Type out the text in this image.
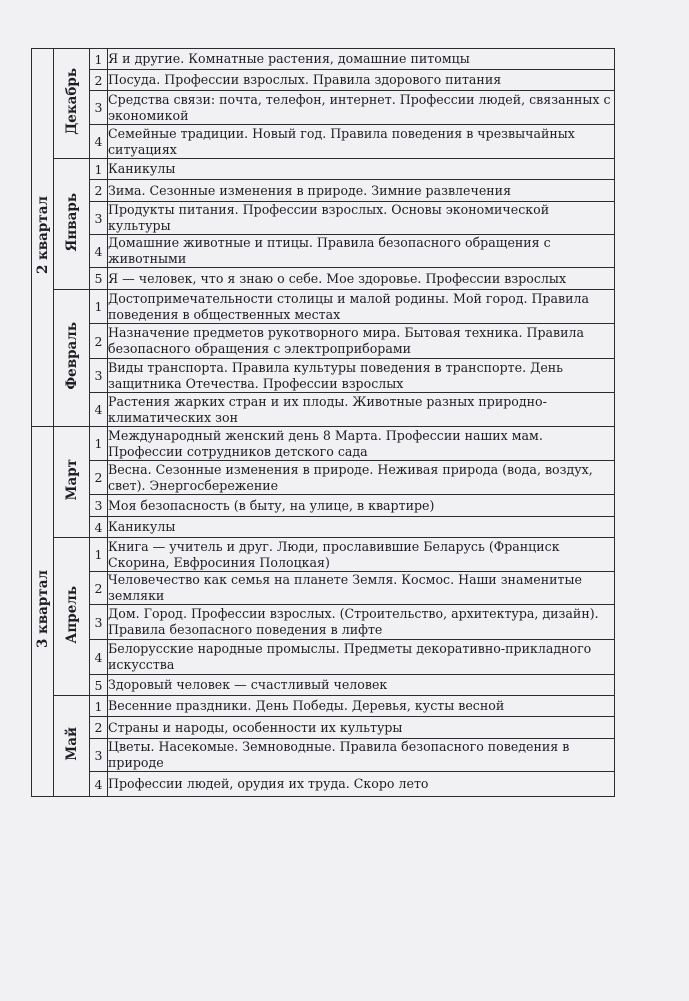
2 квартал	Декабрь	1	Я и другие. Комнатные растения, домашние питомцы
		2	Посуда. Профессии взрослых. Правила здорового питания
		3	Средства связи: почта, телефон, интернет. Профессии людей, связанных с экономикой
		4	Семейные традиции. Новый год. Правила поведения в чрезвычайных ситуациях
	Январь	1	Каникулы
		2	Зима. Сезонные изменения в природе. Зимние развлечения
		3	Продукты питания. Профессии взрослых. Основы экономической культуры
		4	Домашние животные и птицы. Правила безопасного обращения с животными
		5	Я — человек, что я знаю о себе. Мое здоровье. Профессии взрослых
	Февраль	1	Достопримечательности столицы и малой родины. Мой город. Правила поведения в общественных местах
		2	Назначение предметов рукотворного мира. Бытовая техника. Правила безопасного обращения с электроприборами
		3	Виды транспорта. Правила культуры поведения в транспорте. День защитника Отечества. Профессии взрослых
		4	Растения жарких стран и их плоды. Животные разных природно-климатических зон
3 квартал	Март	1	Международный женский день 8 Марта. Профессии наших мам. Профессии сотрудников детского сада
		2	Весна. Сезонные изменения в природе. Неживая природа (вода, воздух, свет). Энергосбережение
		3	Моя безопасность (в быту, на улице, в квартире)
		4	Каникулы
	Апрель	1	Книга — учитель и друг. Люди, прославившие Беларусь (Франциск Скорина, Евфросиния Полоцкая)
		2	Человечество как семья на планете Земля. Космос. Наши знаменитые земляки
		3	Дом. Город. Профессии взрослых. (Строительство, архитектура, дизайн). Правила безопасного поведения в лифте
		4	Белорусские народные промыслы. Предметы декоративно-прикладного искусства
		5	Здоровый человек — счастливый человек
	Май	1	Весенние праздники. День Победы. Деревья, кусты весной
		2	Страны и народы, особенности их культуры
		3	Цветы. Насекомые. Земноводные. Правила безопасного поведения в природе
		4	Профессии людей, орудия их труда. Скоро лето
